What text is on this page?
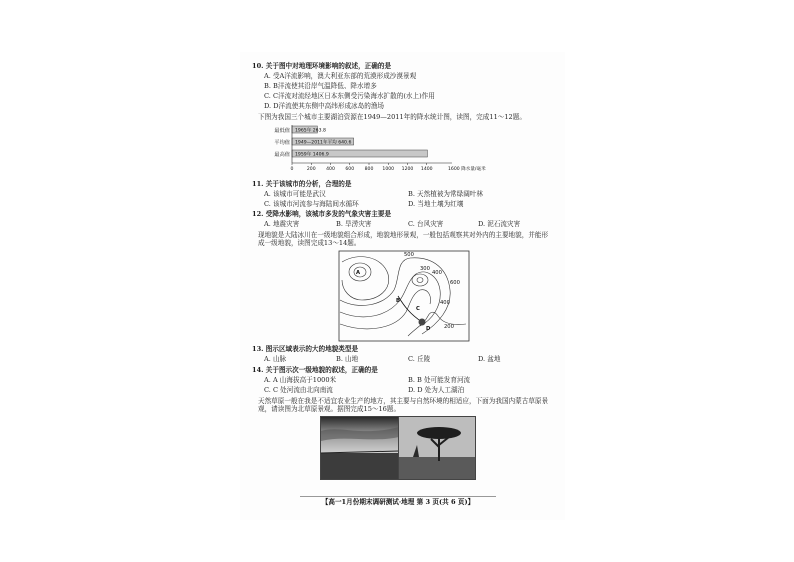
10. 关于图中对地理环境影响的叙述，正确的是
A. 受A洋流影响，澳大利亚东部的荒漠形成沙漠景观
B. B洋流使其沿岸气温降低、降水增多
C. C洋流对流经地区日本东侧受污染海水扩散的(水上)作用
D. D洋流使其东侧中高纬形成冰岛的渔场
下图为我国三个城市主要湖泊资源在1949—2011年的降水统计图，读图，完成11～12题。
最低值 1965年 263.8
平均值 1949—2011年平均 640.6
最高值 1959年 1406.9
0	200 400 600 800 1000 1200 1400	1600 降水量/毫米
11. 关于该城市的分析，合理的是
A. 该城市可能是武汉	B. 天然植被为常绿阔叶林
C. 该城市河流参与海陆间水循环	D. 当地土壤为红壤
12. 受降水影响，该城市多发的气象灾害主要是
A. 地震灾害	B. 旱涝灾害	C. 台风灾害	D. 泥石流灾害
现地貌是大陆冰川在一级地貌组合形成，地貌地形景观，一般包括观察其对外内的主要地貌，并能形成一级地貌，读图完成13～14题。
500
600
400
400
200
300
A
B
C
D
13. 图示区域表示的大的地貌类型是
A. 山脉	B. 山地	C. 丘陵	D. 盆地
14. 关于图示次一级地貌的叙述，正确的是
A. A 山海拔高于1000米	B. B 处可能发育河流
C. C 处河流由北向南流	D. D 处为人工湖泊
天然草原一般在我是不适宜农业生产的地方，其主要与自然环境的相适应，下面为我国内蒙古草原景观，请读图为北草原景观。据图完成15～16题。
【高一1月份期末调研测试·地理 第 3 页(共 6 页)】
